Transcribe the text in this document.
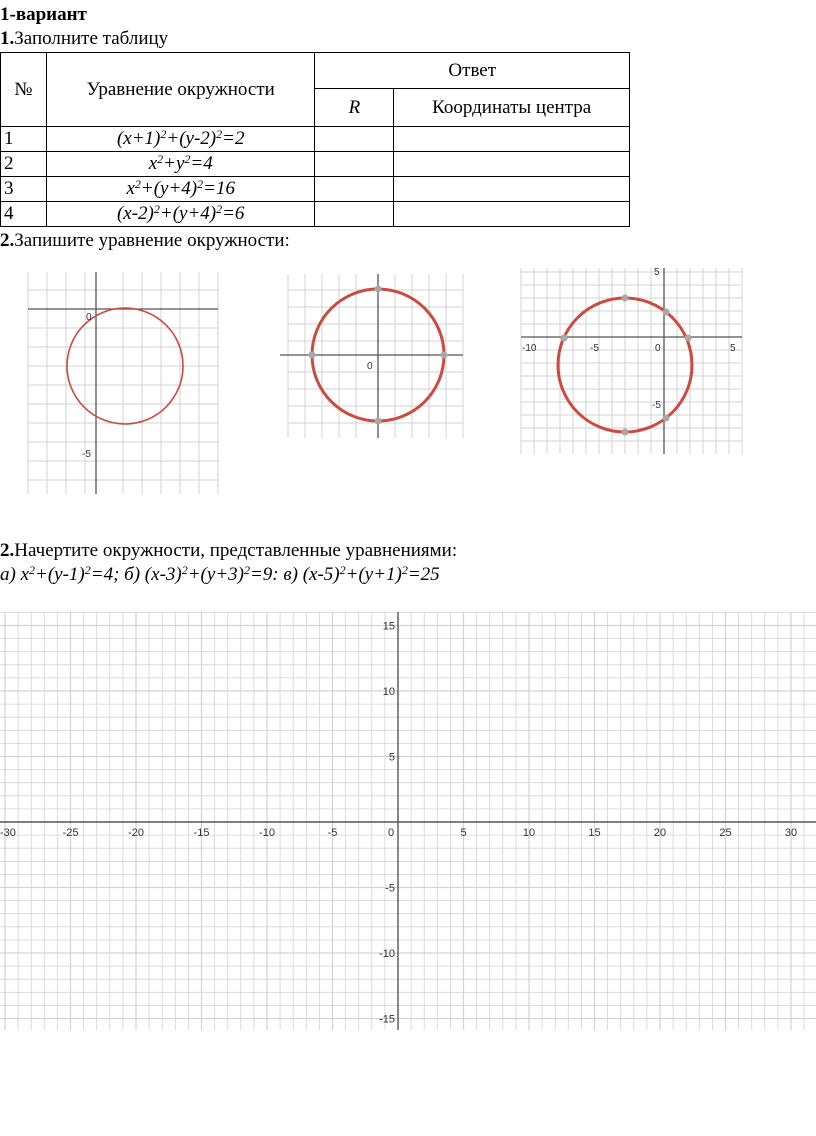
1-вариант
1.Заполните таблицу
№	Уравнение окружности	Ответ	
		R	Координаты центра
1	$(x+1)^2+(y-2)^2=2$		
2	$x^2+y^2=4$		
3	$x^2+(y+4)^2=16$		
4	$(x-2)^2+(y+4)^2=6$		
2.Запишите уравнение окружности:
2.Начертите окружности, представленные уравнениями:
а) $x^2+(y-1)^2=4$; б) $(x-3)^2+(y+3)^2=9$: в) $(x-5)^2+(y+1)^2=25$
0
-5
0
-10	-5	0	5
5
-5
-30	-25	-20	-15	-10	-5	0	5	10	15	20	25	30
15
10
5
-5
-10
-15
